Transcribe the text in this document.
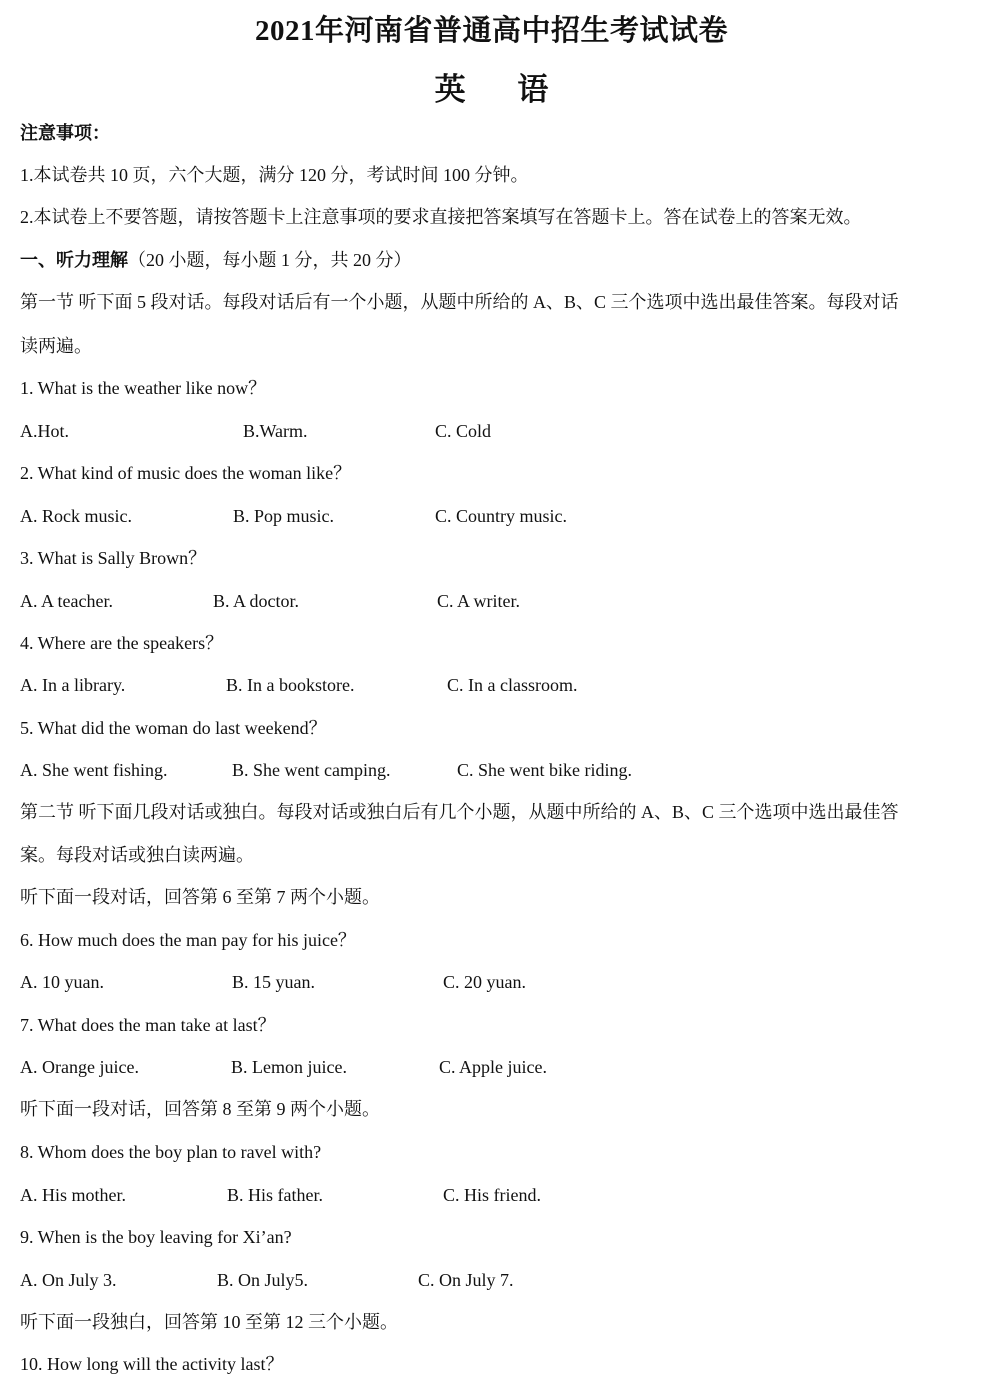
2021年河南省普通高中招生考试试卷
英 语
注意事项：
1.本试卷共 10 页，六个大题，满分 120 分，考试时间 100 分钟。
2.本试卷上不要答题，请按答题卡上注意事项的要求直接把答案填写在答题卡上。答在试卷上的答案无效。
一、听力理解（20 小题，每小题 1 分，共 20 分）
第一节 听下面 5 段对话。每段对话后有一个小题，从题中所给的 A、B、C 三个选项中选出最佳答案。每段对话
读两遍。
1. What is the weather like now？
A.Hot.	B.Warm.	C. Cold
2. What kind of music does the woman like？
A. Rock music.	B. Pop music.	C. Country music.
3. What is Sally Brown？
A. A teacher.	B. A doctor.	C. A writer.
4. Where are the speakers？
A. In a library.	B. In a bookstore.	C. In a classroom.
5. What did the woman do last weekend？
A. She went fishing.	B. She went camping.	C. She went bike riding.
第二节 听下面几段对话或独白。每段对话或独白后有几个小题，从题中所给的 A、B、C 三个选项中选出最佳答
案。每段对话或独白读两遍。
听下面一段对话，回答第 6 至第 7 两个小题。
6. How much does the man pay for his juice？
A. 10 yuan.	B. 15 yuan.	C. 20 yuan.
7. What does the man take at last？
A. Orange juice.	B. Lemon juice.	C. Apple juice.
听下面一段对话，回答第 8 至第 9 两个小题。
8. Whom does the boy plan to ravel with?
A. His mother.	B. His father.	C. His friend.
9. When is the boy leaving for Xi’an?
A. On July 3.	B. On July5.	C. On July 7.
听下面一段独白，回答第 10 至第 12 三个小题。
10. How long will the activity last？
